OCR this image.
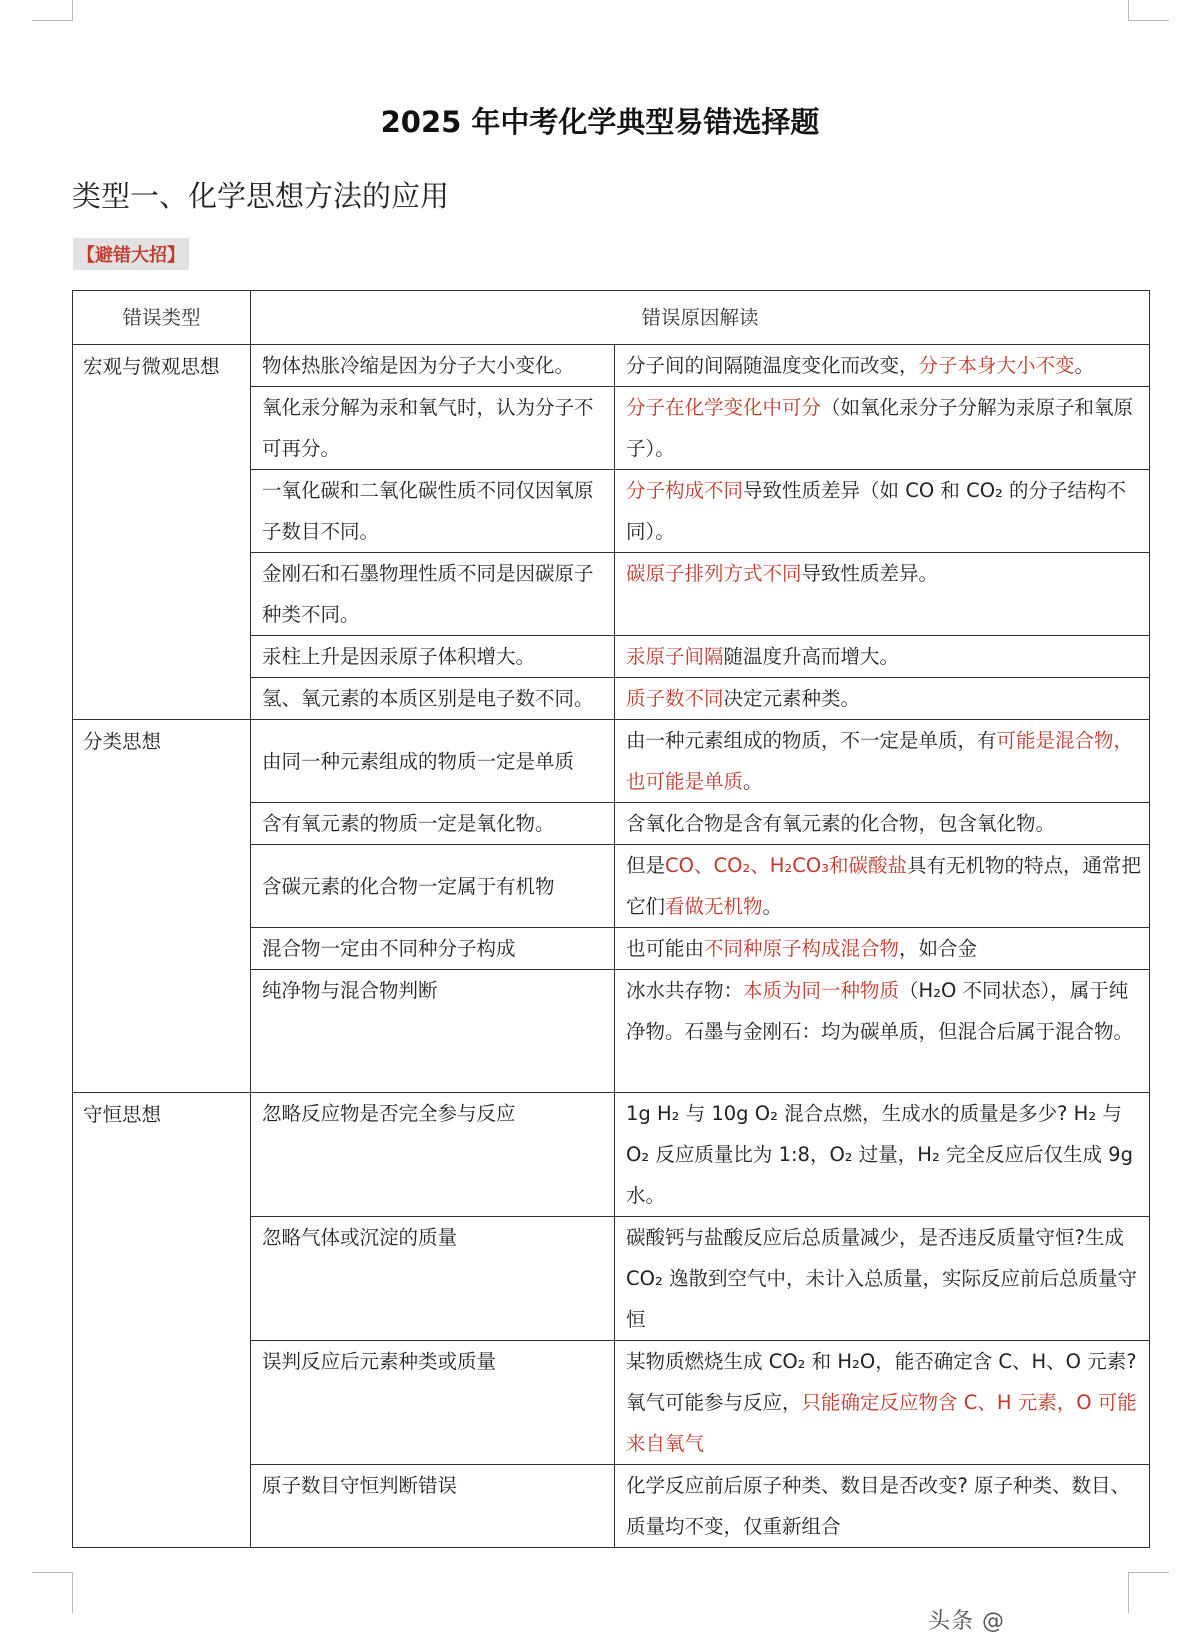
2025 年中考化学典型易错选择题
类型一、化学思想方法的应用
【避错大招】
错误类型	错误原因解读	
宏观与微观思想	物体热胀冷缩是因为分子大小变化。	分子间的间隔随温度变化而改变，分子本身大小不变。
	氧化汞分解为汞和氧气时，认为分子不可再分。	分子在化学变化中可分（如氧化汞分子分解为汞原子和氧原子）。
	一氧化碳和二氧化碳性质不同仅因氧原子数目不同。	分子构成不同导致性质差异（如 CO 和 CO₂ 的分子结构不同）。
	金刚石和石墨物理性质不同是因碳原子种类不同。	碳原子排列方式不同导致性质差异。
	汞柱上升是因汞原子体积增大。	汞原子间隔随温度升高而增大。
	氢、氧元素的本质区别是电子数不同。	质子数不同决定元素种类。
分类思想	由同一种元素组成的物质一定是单质	由一种元素组成的物质，不一定是单质，有可能是混合物，也可能是单质。
	含有氧元素的物质一定是氧化物。	含氧化合物是含有氧元素的化合物，包含氧化物。
	含碳元素的化合物一定属于有机物	但是CO、CO₂、H₂CO₃和碳酸盐具有无机物的特点，通常把它们看做无机物。
	混合物一定由不同种分子构成	也可能由不同种原子构成混合物，如合金
	纯净物与混合物判断	冰水共存物：本质为同一种物质（H₂O 不同状态），属于纯净物。石墨与金刚石：均为碳单质，但混合后属于混合物。
守恒思想	忽略反应物是否完全参与反应	1g H₂ 与 10g O₂ 混合点燃，生成水的质量是多少? H₂ 与 O₂ 反应质量比为 1:8，O₂ 过量，H₂ 完全反应后仅生成 9g 水。
	忽略气体或沉淀的质量	碳酸钙与盐酸反应后总质量减少，是否违反质量守恒?生成 CO₂ 逸散到空气中，未计入总质量，实际反应前后总质量守恒
	误判反应后元素种类或质量	某物质燃烧生成 CO₂ 和 H₂O，能否确定含 C、H、O 元素? 氧气可能参与反应，只能确定反应物含 C、H 元素，O 可能来自氧气
	原子数目守恒判断错误	化学反应前后原子种类、数目是否改变? 原子种类、数目、质量均不变，仅重新组合
头条 @
